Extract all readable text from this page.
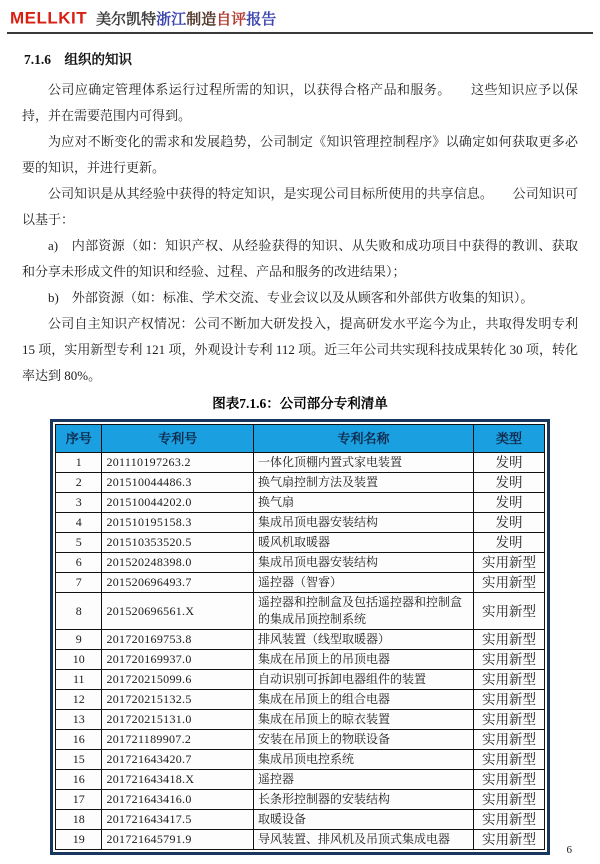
MELLKIT 美尔凯特浙江制造自评报告
7.1.6　组织的知识

公司应确定管理体系运行过程所需的知识，以获得合格产品和服务。　　这些知识应予以保持，并在需要范围内可得到。

为应对不断变化的需求和发展趋势，公司制定《知识管理控制程序》以确定如何获取更多必要的知识，并进行更新。

公司知识是从其经验中获得的特定知识，是实现公司目标所使用的共享信息。　　公司知识可以基于：

a)　内部资源（如：知识产权、从经验获得的知识、从失败和成功项目中获得的教训、获取和分享未形成文件的知识和经验、过程、产品和服务的改进结果）；

b)　外部资源（如：标准、学术交流、专业会议以及从顾客和外部供方收集的知识）。

公司自主知识产权情况：公司不断加大研发投入，提高研发水平迄今为止，共取得发明专利 15 项，实用新型专利 121 项，外观设计专利 112 项。近三年公司共实现科技成果转化 30 项，转化率达到 80%。

图表7.1.6：公司部分专利清单
序号	专利号	专利名称	类型
1	201110197263.2	一体化顶棚内置式家电装置	发明
2	201510044486.3	换气扇控制方法及装置	发明
3	201510044202.0	换气扇	发明
4	201510195158.3	集成吊顶电器安装结构	发明
5	201510353520.5	暖风机取暖器	发明
6	201520248398.0	集成吊顶电器安装结构	实用新型
7	201520696493.7	遥控器（智睿）	实用新型
8	201520696561.X	遥控器和控制盒及包括遥控器和控制盒的集成吊顶控制系统	实用新型
9	201720169753.8	排风装置（线型取暖器）	实用新型
10	201720169937.0	集成在吊顶上的吊顶电器	实用新型
11	201720215099.6	自动识别可拆卸电器组件的装置	实用新型
12	201720215132.5	集成在吊顶上的组合电器	实用新型
13	201720215131.0	集成在吊顶上的晾衣装置	实用新型
16	201721189907.2	安装在吊顶上的物联设备	实用新型
15	201721643420.7	集成吊顶电控系统	实用新型
16	201721643418.X	遥控器	实用新型
17	201721643416.0	长条形控制器的安装结构	实用新型
18	201721643417.5	取暖设备	实用新型
19	201721645791.9	导风装置、排风机及吊顶式集成电器	实用新型
6
